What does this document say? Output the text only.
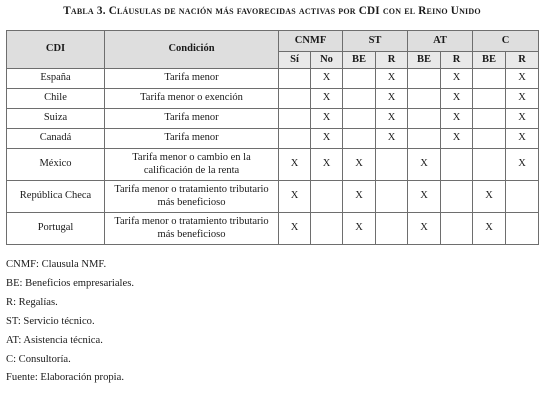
Tabla 3. Cláusulas de nación más favorecidas activas por CDI con el Reino Unido
CDI	Condición	CNMF		ST		AT		C	
		Sí	No	BE	R	BE	R	BE	R
España	Tarifa menor		X		X		X		X
Chile	Tarifa menor o exención		X		X		X		X
Suiza	Tarifa menor		X		X		X		X
Canadá	Tarifa menor		X		X		X		X
México	Tarifa menor o cambio en la calificación de la renta	X	X	X		X			X
República Checa	Tarifa menor o tratamiento tributario más beneficioso	X		X		X		X	
Portugal	Tarifa menor o tratamiento tributario más beneficioso	X		X		X		X	
CNMF: Clausula NMF.
BE: Beneficios empresariales.
R: Regalías.
ST: Servicio técnico.
AT: Asistencia técnica.
C: Consultoría.
Fuente: Elaboración propia.
